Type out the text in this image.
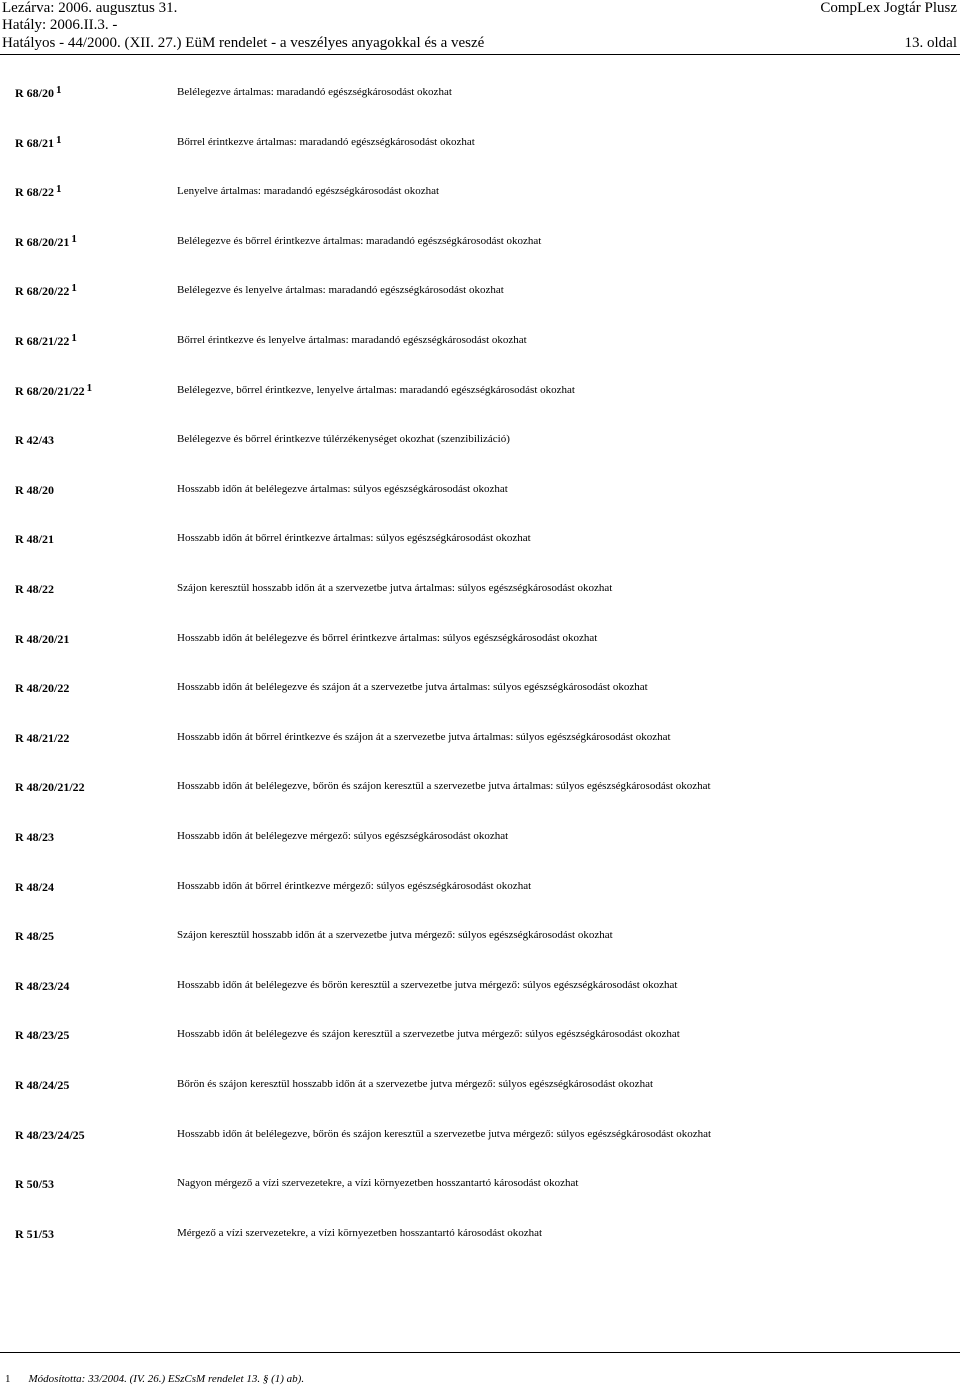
Lezárva: 2006. augusztus 31.
Hatály: 2006.II.3. -
Hatályos - 44/2000. (XII. 27.) EüM rendelet - a veszélyes anyagokkal és a veszé
CompLex Jogtár Plusz
13. oldal
R 68/20 $^1$	Belélegezve ártalmas: maradandó egészségkárosodást okozhat
R 68/21 $^1$	Bőrrel érintkezve ártalmas: maradandó egészségkárosodást okozhat
R 68/22 $^1$	Lenyelve ártalmas: maradandó egészségkárosodást okozhat
R 68/20/21 $^1$	Belélegezve és bőrrel érintkezve ártalmas: maradandó egészségkárosodást okozhat
R 68/20/22 $^1$	Belélegezve és lenyelve ártalmas: maradandó egészségkárosodást okozhat
R 68/21/22 $^1$	Bőrrel érintkezve és lenyelve ártalmas: maradandó egészségkárosodást okozhat
R 68/20/21/22 $^1$	Belélegezve, bőrrel érintkezve, lenyelve ártalmas: maradandó egészségkárosodást okozhat
R 42/43	Belélegezve és bőrrel érintkezve túlérzékenységet okozhat (szenzibilizáció)
R 48/20	Hosszabb időn át belélegezve ártalmas: súlyos egészségkárosodást okozhat
R 48/21	Hosszabb időn át bőrrel érintkezve ártalmas: súlyos egészségkárosodást okozhat
R 48/22	Szájon keresztül hosszabb időn át a szervezetbe jutva ártalmas: súlyos egészségkárosodást okozhat
R 48/20/21	Hosszabb időn át belélegezve és bőrrel érintkezve ártalmas: súlyos egészségkárosodást okozhat
R 48/20/22	Hosszabb időn át belélegezve és szájon át a szervezetbe jutva ártalmas: súlyos egészségkárosodást okozhat
R 48/21/22	Hosszabb időn át bőrrel érintkezve és szájon át a szervezetbe jutva ártalmas: súlyos egészségkárosodást okozhat
R 48/20/21/22	Hosszabb időn át belélegezve, bőrön és szájon keresztül a szervezetbe jutva ártalmas: súlyos egészségkárosodást okozhat
R 48/23	Hosszabb időn át belélegezve mérgező: súlyos egészségkárosodást okozhat
R 48/24	Hosszabb időn át bőrrel érintkezve mérgező: súlyos egészségkárosodást okozhat
R 48/25	Szájon keresztül hosszabb időn át a szervezetbe jutva mérgező: súlyos egészségkárosodást okozhat
R 48/23/24	Hosszabb időn át belélegezve és bőrön keresztül a szervezetbe jutva mérgező: súlyos egészségkárosodást okozhat
R 48/23/25	Hosszabb időn át belélegezve és szájon keresztül a szervezetbe jutva mérgező: súlyos egészségkárosodást okozhat
R 48/24/25	Bőrön és szájon keresztül hosszabb időn át a szervezetbe jutva mérgező: súlyos egészségkárosodást okozhat
R 48/23/24/25	Hosszabb időn át belélegezve, bőrön és szájon keresztül a szervezetbe jutva mérgező: súlyos egészségkárosodást okozhat
R 50/53	Nagyon mérgező a vízi szervezetekre, a vízi környezetben hosszantartó károsodást okozhat
R 51/53	Mérgező a vízi szervezetekre, a vízi környezetben hosszantartó károsodást okozhat
1 Módosította: 33/2004. (IV. 26.) ESzCsM rendelet 13. § (1) ab).
